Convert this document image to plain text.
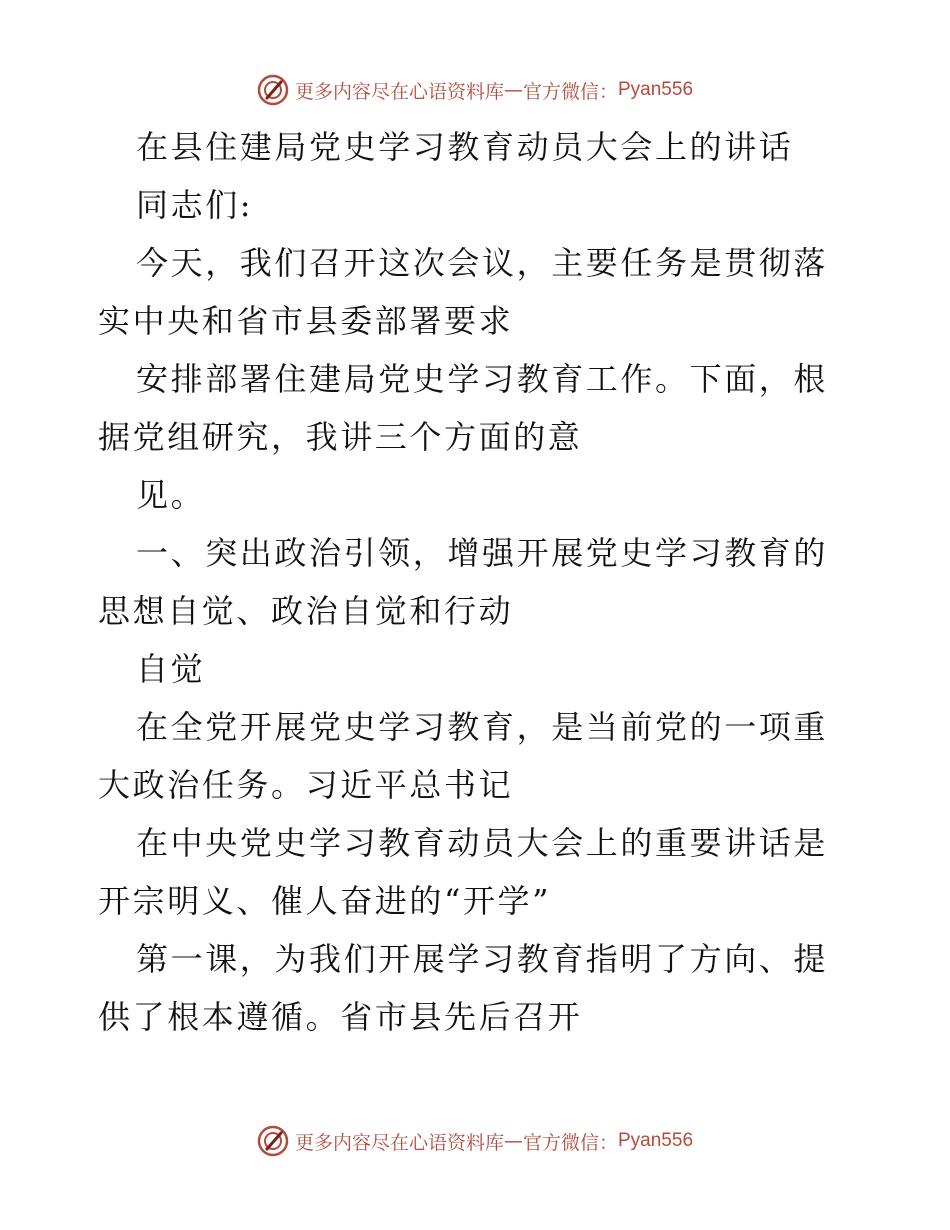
更多内容尽在心语资料库 — 官方微信： Pyan556

在县住建局党史学习教育动员大会上的讲话

同志们:

今天，我们召开这次会议，主要任务是贯彻落实中央和省市县委部署要求

安排部署住建局党史学习教育工作。下面，根据党组研究，我讲三个方面的意

见。

一、突出政治引领，增强开展党史学习教育的思想自觉、政治自觉和行动

自觉

在全党开展党史学习教育，是当前党的一项重大政治任务。习近平总书记

在中央党史学习教育动员大会上的重要讲话是开宗明义、催人奋进的“开学”

第一课，为我们开展学习教育指明了方向、提供了根本遵循。省市县先后召开

更多内容尽在心语资料库 — 官方微信： Pyan556
